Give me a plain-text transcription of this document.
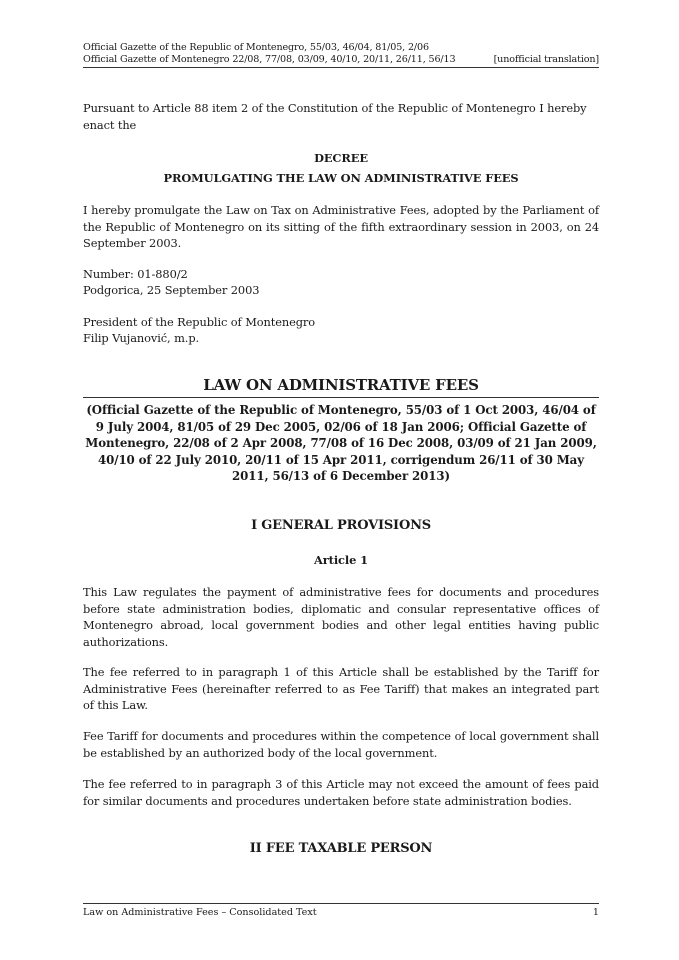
Official Gazette of the Republic of Montenegro, 55/03, 46/04, 81/05, 2/06
Official Gazette of Montenegro 22/08, 77/08, 03/09, 40/10, 20/11, 26/11, 56/13	[unofficial translation]
Pursuant to Article 88 item 2 of the Constitution of the Republic of Montenegro I hereby enact the
DECREE
PROMULGATING THE LAW ON ADMINISTRATIVE FEES
I hereby promulgate the Law on Tax on Administrative Fees, adopted by the Parliament of the Republic of Montenegro on its sitting of the fifth extraordinary session in 2003, on 24 September 2003.
Number: 01-880/2
Podgorica, 25 September 2003
President of the Republic of Montenegro
Filip Vujanović, m.p.
LAW ON ADMINISTRATIVE FEES
(Official Gazette of the Republic of Montenegro, 55/03 of 1 Oct 2003, 46/04 of 9 July 2004, 81/05 of 29 Dec 2005, 02/06 of 18 Jan 2006; Official Gazette of Montenegro, 22/08 of 2 Apr 2008, 77/08 of 16 Dec 2008, 03/09 of 21 Jan 2009, 40/10 of 22 July 2010, 20/11 of 15 Apr 2011, corrigendum 26/11 of 30 May 2011, 56/13 of 6 December 2013)
I GENERAL PROVISIONS
Article 1
This Law regulates the payment of administrative fees for documents and procedures before state administration bodies, diplomatic and consular representative offices of Montenegro abroad, local government bodies and other legal entities having public authorizations.
The fee referred to in paragraph 1 of this Article shall be established by the Tariff for Administrative Fees (hereinafter referred to as Fee Tariff) that makes an integrated part of this Law.
Fee Tariff for documents and procedures within the competence of local government shall be established by an authorized body of the local government.
The fee referred to in paragraph 3 of this Article may not exceed the amount of fees paid for similar documents and procedures undertaken before state administration bodies.
II FEE TAXABLE PERSON
Law on Administrative Fees – Consolidated Text	1
